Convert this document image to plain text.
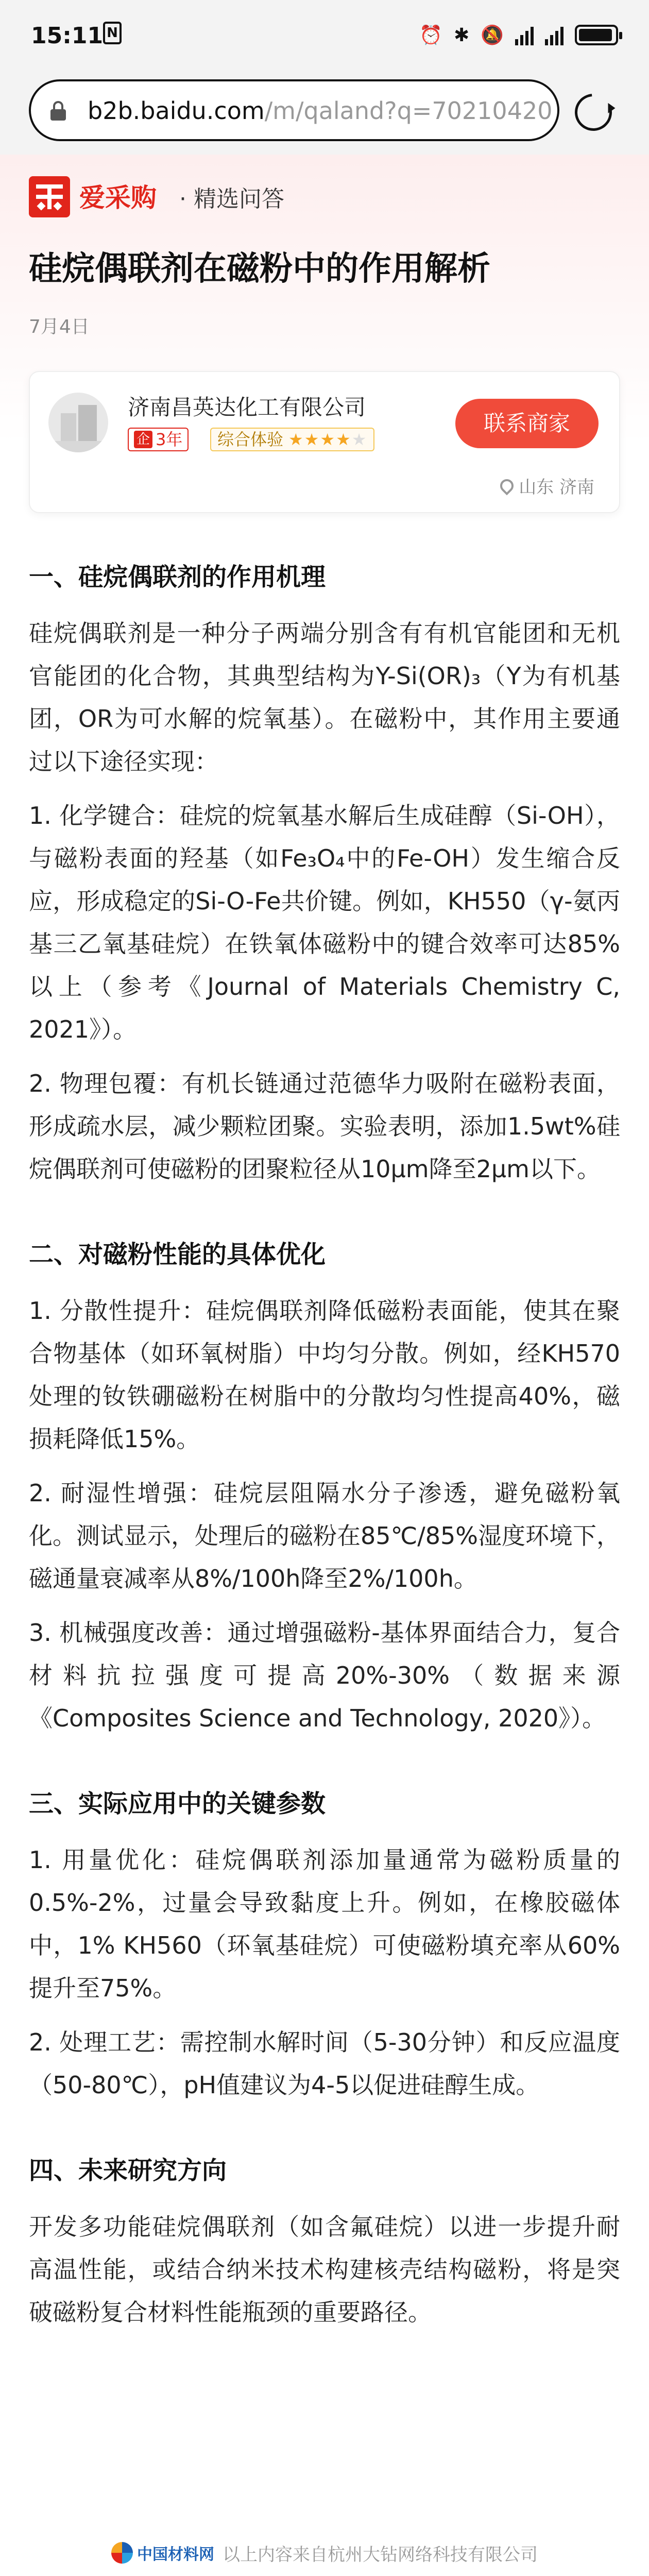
15:11 N	⏰ ✱ 🔕
b2b.baidu.com/m/qaland?q=70210420
爱采购 · 精选问答
硅烷偶联剂在磁粉中的作用解析
7月4日
济南昌英达化工有限公司
企 3年 综合体验 ★★★★★
联系商家
山东 济南
一、硅烷偶联剂的作用机理
硅烷偶联剂是一种分子两端分别含有有机官能团和无机官能团的化合物，其典型结构为Y-Si(OR)₃（Y为有机基团，OR为可水解的烷氧基）。在磁粉中，其作用主要通过以下途径实现：
1. 化学键合：硅烷的烷氧基水解后生成硅醇（Si-OH），与磁粉表面的羟基（如Fe₃O₄中的Fe-OH）发生缩合反应，形成稳定的Si-O-Fe共价键。例如，KH550（γ-氨丙基三乙氧基硅烷）在铁氧体磁粉中的键合效率可达85%以上（参考《Journal of Materials Chemistry C, 2021》）。
2. 物理包覆：有机长链通过范德华力吸附在磁粉表面，形成疏水层，减少颗粒团聚。实验表明，添加1.5wt%硅烷偶联剂可使磁粉的团聚粒径从10μm降至2μm以下。
二、对磁粉性能的具体优化
1. 分散性提升：硅烷偶联剂降低磁粉表面能，使其在聚合物基体（如环氧树脂）中均匀分散。例如，经KH570处理的钕铁硼磁粉在树脂中的分散均匀性提高40%，磁损耗降低15%。
2. 耐湿性增强：硅烷层阻隔水分子渗透，避免磁粉氧化。测试显示，处理后的磁粉在85℃/85%湿度环境下，磁通量衰减率从8%/100h降至2%/100h。
3. 机械强度改善：通过增强磁粉-基体界面结合力，复合材料抗拉强度可提高20%-30%（数据来源《Composites Science and Technology, 2020》）。
三、实际应用中的关键参数
1. 用量优化：硅烷偶联剂添加量通常为磁粉质量的0.5%-2%，过量会导致黏度上升。例如，在橡胶磁体中，1% KH560（环氧基硅烷）可使磁粉填充率从60%提升至75%。
2. 处理工艺：需控制水解时间（5-30分钟）和反应温度（50-80℃），pH值建议为4-5以促进硅醇生成。
四、未来研究方向
开发多功能硅烷偶联剂（如含氟硅烷）以进一步提升耐高温性能，或结合纳米技术构建核壳结构磁粉，将是突破磁粉复合材料性能瓶颈的重要路径。
中国材料网 以上内容来自杭州大钻网络科技有限公司
